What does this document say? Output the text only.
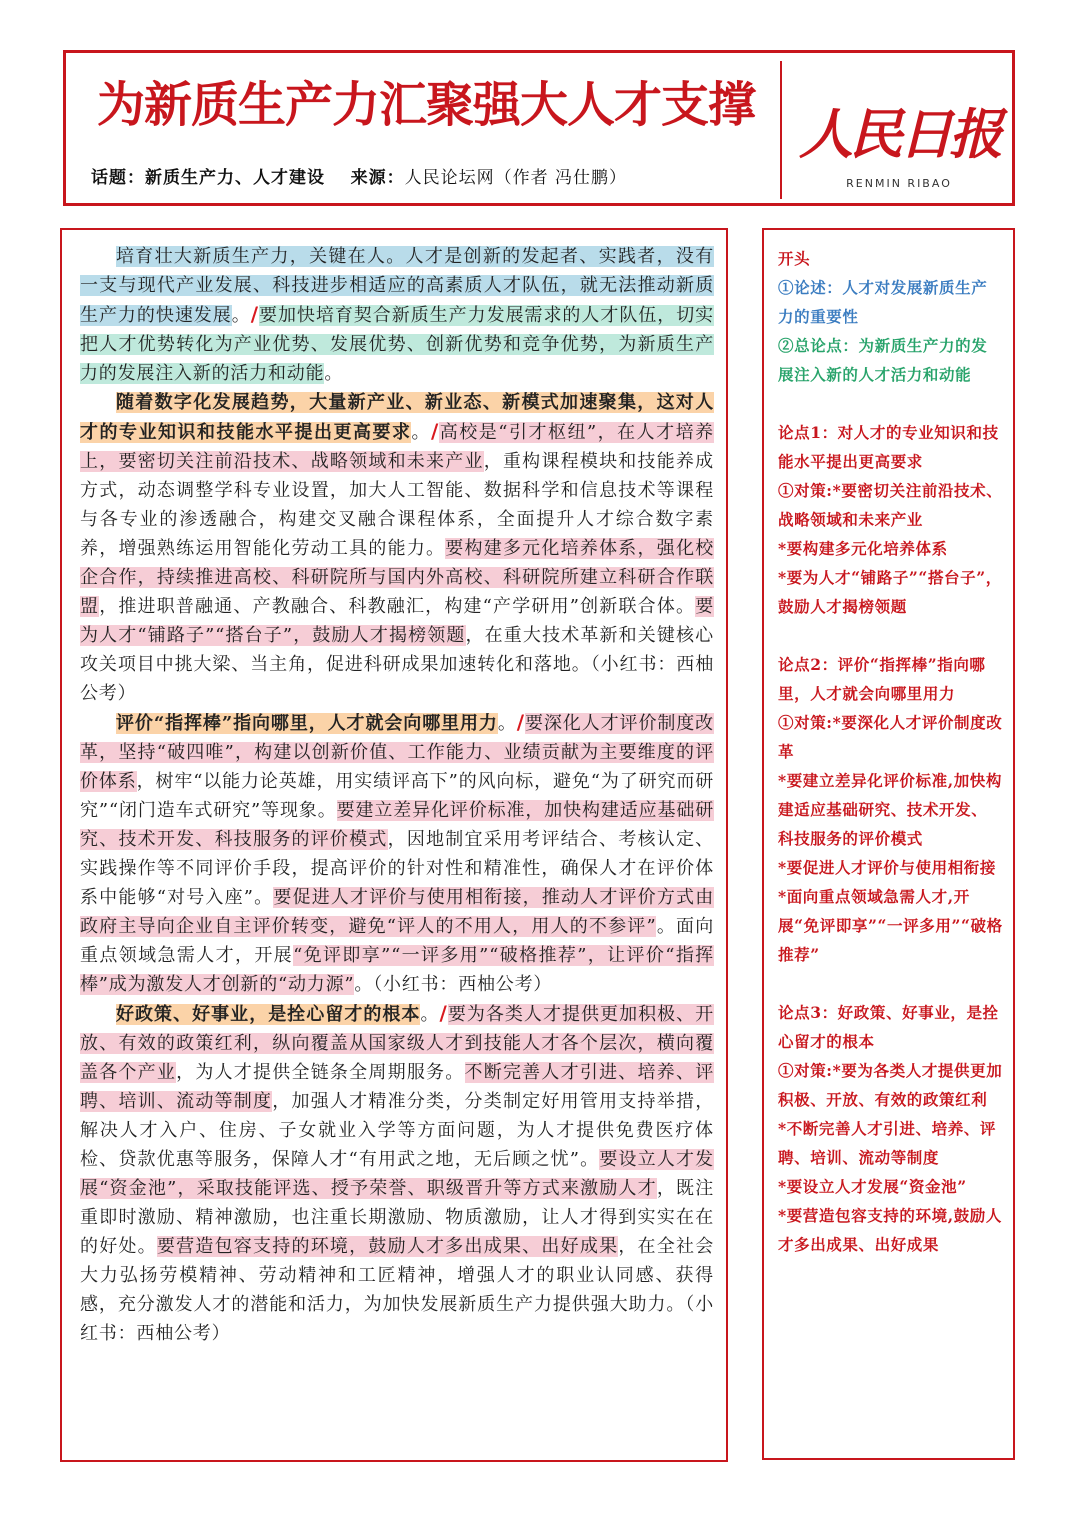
为新质生产力汇聚强大人才支撑
话题：新质生产力、人才建设 来源：人民论坛网（作者 冯仕鹏）
人民日报
RENMIN RIBAO

培育壮大新质生产力，关键在人。人才是创新的发起者、实践者，没有一支与现代产业发展、科技进步相适应的高素质人才队伍，就无法推动新质生产力的快速发展。/要加快培育契合新质生产力发展需求的人才队伍，切实把人才优势转化为产业优势、发展优势、创新优势和竞争优势，为新质生产力的发展注入新的活力和动能。

随着数字化发展趋势，大量新产业、新业态、新模式加速聚集，这对人才的专业知识和技能水平提出更高要求。/高校是“引才枢纽”，在人才培养上，要密切关注前沿技术、战略领域和未来产业，重构课程模块和技能养成方式，动态调整学科专业设置，加大人工智能、数据科学和信息技术等课程与各专业的渗透融合，构建交叉融合课程体系，全面提升人才综合数字素养，增强熟练运用智能化劳动工具的能力。要构建多元化培养体系，强化校企合作，持续推进高校、科研院所与国内外高校、科研院所建立科研合作联盟，推进职普融通、产教融合、科教融汇，构建“产学研用”创新联合体。要为人才“铺路子”“搭台子”，鼓励人才揭榜领题，在重大技术革新和关键核心攻关项目中挑大梁、当主角，促进科研成果加速转化和落地。（小红书：西柚公考）

评价“指挥棒”指向哪里，人才就会向哪里用力。/要深化人才评价制度改革，坚持“破四唯”，构建以创新价值、工作能力、业绩贡献为主要维度的评价体系，树牢“以能力论英雄，用实绩评高下”的风向标，避免“为了研究而研究”“闭门造车式研究”等现象。要建立差异化评价标准，加快构建适应基础研究、技术开发、科技服务的评价模式，因地制宜采用考评结合、考核认定、实践操作等不同评价手段，提高评价的针对性和精准性，确保人才在评价体系中能够“对号入座”。要促进人才评价与使用相衔接，推动人才评价方式由政府主导向企业自主评价转变，避免“评人的不用人，用人的不参评”。面向重点领域急需人才，开展“免评即享”“一评多用”“破格推荐”，让评价“指挥棒”成为激发人才创新的“动力源”。（小红书：西柚公考）

好政策、好事业，是拴心留才的根本。/要为各类人才提供更加积极、开放、有效的政策红利，纵向覆盖从国家级人才到技能人才各个层次，横向覆盖各个产业，为人才提供全链条全周期服务。不断完善人才引进、培养、评聘、培训、流动等制度，加强人才精准分类，分类制定好用管用支持举措，解决人才入户、住房、子女就业入学等方面问题，为人才提供免费医疗体检、贷款优惠等服务，保障人才“有用武之地，无后顾之忧”。要设立人才发展“资金池”，采取技能评选、授予荣誉、职级晋升等方式来激励人才，既注重即时激励、精神激励，也注重长期激励、物质激励，让人才得到实实在在的好处。要营造包容支持的环境，鼓励人才多出成果、出好成果，在全社会大力弘扬劳模精神、劳动精神和工匠精神，增强人才的职业认同感、获得感，充分激发人才的潜能和活力，为加快发展新质生产力提供强大助力。（小红书：西柚公考）

开头
①论述：人才对发展新质生产力的重要性
②总论点：为新质生产力的发展注入新的人才活力和动能
论点1：对人才的专业知识和技能水平提出更高要求
①对策:*要密切关注前沿技术、战略领域和未来产业
*要构建多元化培养体系
*要为人才“铺路子”“搭台子”，鼓励人才揭榜领题
论点2：评价“指挥棒”指向哪里，人才就会向哪里用力
①对策:*要深化人才评价制度改革
*要建立差异化评价标准,加快构建适应基础研究、技术开发、科技服务的评价模式
*要促进人才评价与使用相衔接
*面向重点领域急需人才,开展“免评即享”“一评多用”“破格推荐”
论点3：好政策、好事业，是拴心留才的根本
①对策:*要为各类人才提供更加积极、开放、有效的政策红利
*不断完善人才引进、培养、评聘、培训、流动等制度
*要设立人才发展“资金池”
*要营造包容支持的环境,鼓励人才多出成果、出好成果
